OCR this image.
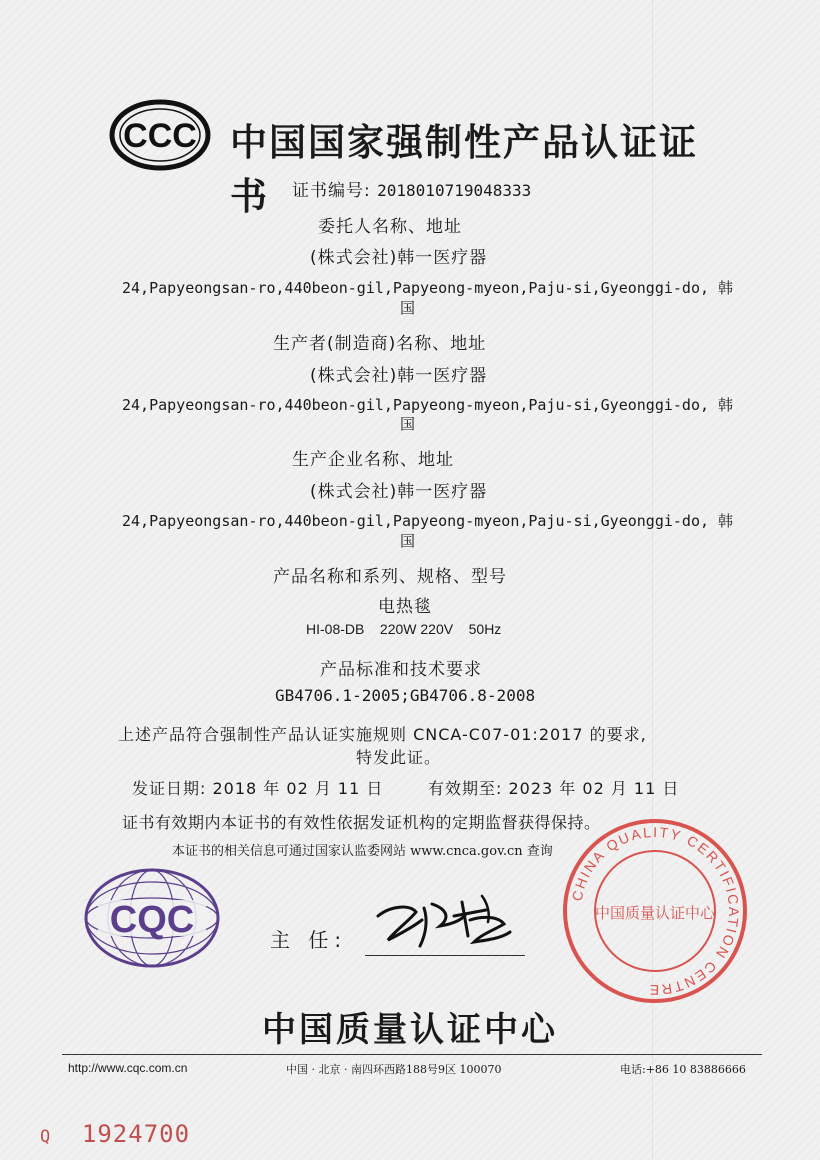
CCC 中国国家强制性产品认证证书	证书编号: 2018010719048333
委托人名称、地址
(株式会社)韩一医疗器
24,Papyeongsan-ro,440beon-gil,Papyeong-myeon,Paju-si,Gyeonggi-do, 韩
国
生产者(制造商)名称、地址
(株式会社)韩一医疗器
24,Papyeongsan-ro,440beon-gil,Papyeong-myeon,Paju-si,Gyeonggi-do, 韩
国
生产企业名称、地址
(株式会社)韩一医疗器
24,Papyeongsan-ro,440beon-gil,Papyeong-myeon,Paju-si,Gyeonggi-do, 韩
国
产品名称和系列、规格、型号
电热毯
HI-08-DB    220W 220V    50Hz
产品标准和技术要求
GB4706.1-2005;GB4706.8-2008
上述产品符合强制性产品认证实施规则 CNCA-C07-01:2017 的要求,
特发此证。
发证日期: 2018 年 02 月 11 日	有效期至: 2023 年 02 月 11 日
证书有效期内本证书的有效性依据发证机构的定期监督获得保持。
本证书的相关信息可通过国家认监委网站 www.cnca.gov.cn 查询
CQC	主 任:
CHINA QUALITY CERTIFICATION CENTRE
中国质量认证中心
中国质量认证中心
http://www.cqc.com.cn	中国 · 北京 · 南四环西路188号9区 100070	电话:+86 10 83886666
Q 1924700
